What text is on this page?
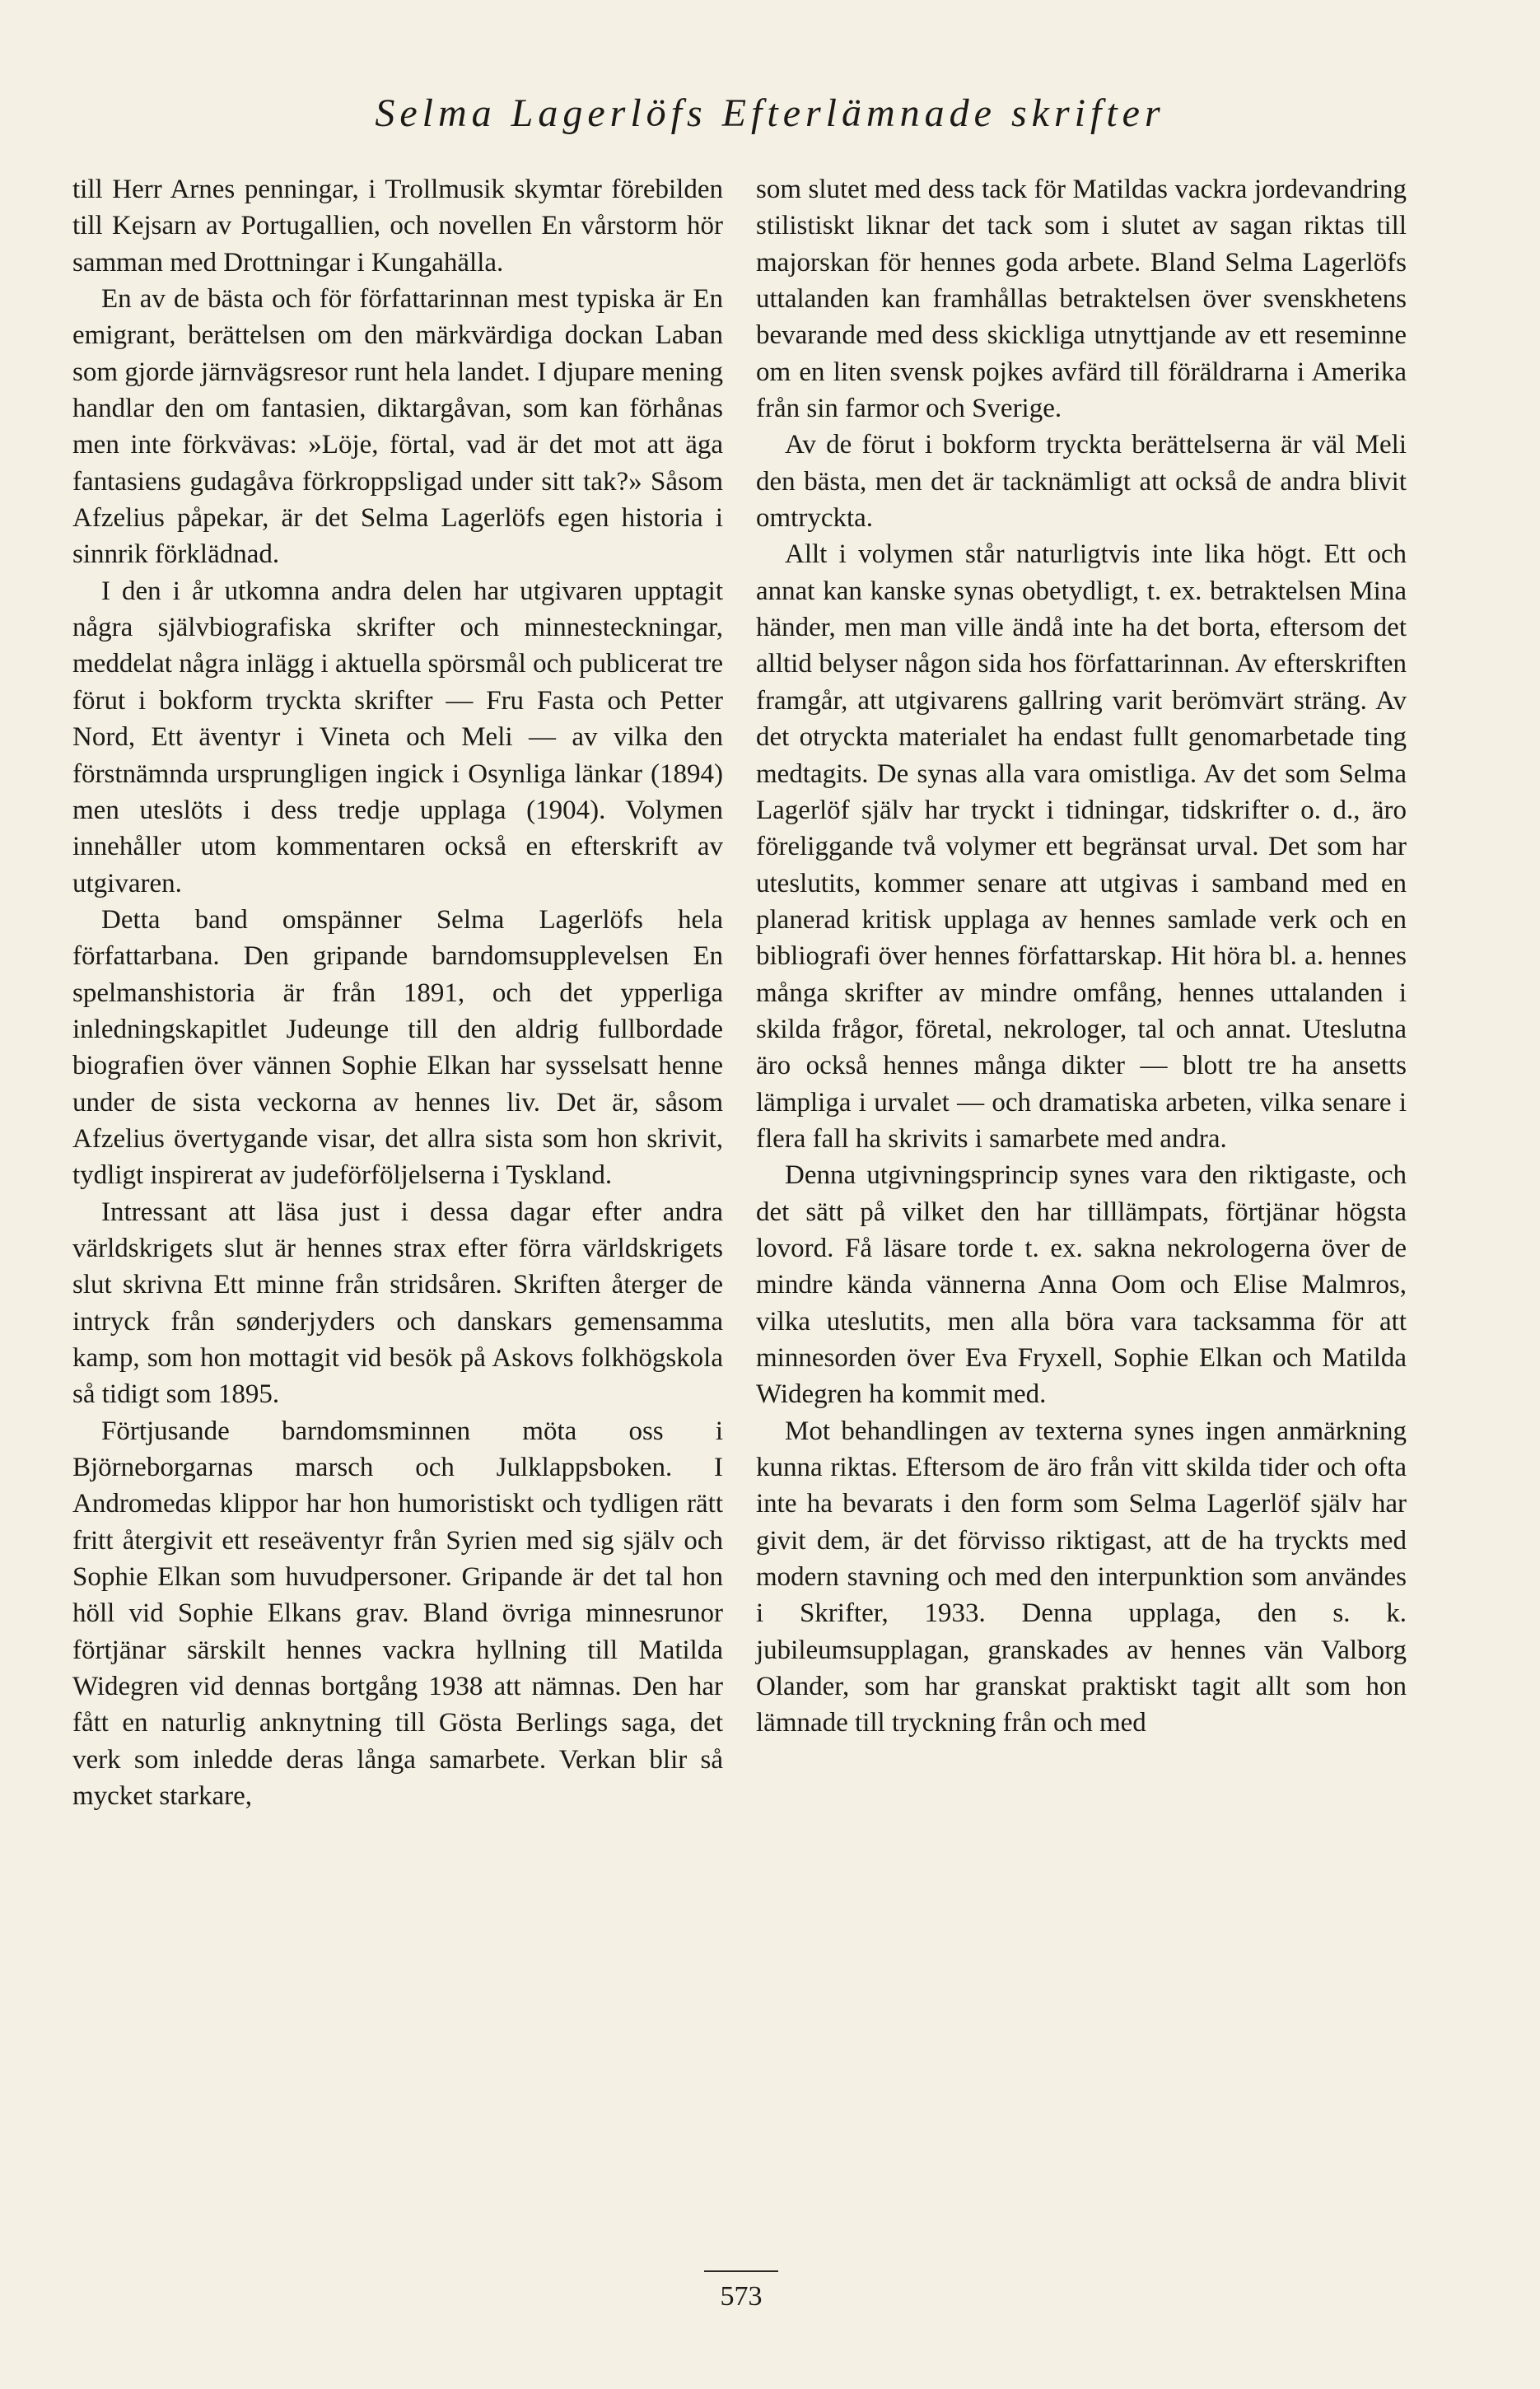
Selma Lagerlöfs Efterlämnade skrifter

till Herr Arnes penningar, i Trollmusik skymtar förebilden till Kejsarn av Portugallien, och novellen En vårstorm hör samman med Drottningar i Kungahälla.

En av de bästa och för författarinnan mest typiska är En emigrant, berättelsen om den märkvärdiga dockan Laban som gjorde järnvägsresor runt hela landet. I djupare mening handlar den om fantasien, diktargåvan, som kan förhånas men inte förkvävas: »Löje, förtal, vad är det mot att äga fantasiens gudagåva förkroppsligad under sitt tak?» Såsom Afzelius påpekar, är det Selma Lagerlöfs egen historia i sinnrik förklädnad.

I den i år utkomna andra delen har utgivaren upptagit några självbiografiska skrifter och minnesteckningar, meddelat några inlägg i aktuella spörsmål och publicerat tre förut i bokform tryckta skrifter — Fru Fasta och Petter Nord, Ett äventyr i Vineta och Meli — av vilka den förstnämnda ursprungligen ingick i Osynliga länkar (1894) men uteslöts i dess tredje upplaga (1904). Volymen innehåller utom kommentaren också en efterskrift av utgivaren.

Detta band omspänner Selma Lagerlöfs hela författarbana. Den gripande barndomsupplevelsen En spelmanshistoria är från 1891, och det ypperliga inledningskapitlet Judeunge till den aldrig fullbordade biografien över vännen Sophie Elkan har sysselsatt henne under de sista veckorna av hennes liv. Det är, såsom Afzelius övertygande visar, det allra sista som hon skrivit, tydligt inspirerat av judeförföljelserna i Tyskland.

Intressant att läsa just i dessa dagar efter andra världskrigets slut är hennes strax efter förra världskrigets slut skrivna Ett minne från stridsåren. Skriften återger de intryck från sønderjyders och danskars gemensamma kamp, som hon mottagit vid besök på Askovs folkhögskola så tidigt som 1895.

Förtjusande barndomsminnen möta oss i Björneborgarnas marsch och Julklappsboken. I Andromedas klippor har hon humoristiskt och tydligen rätt fritt återgivit ett reseäventyr från Syrien med sig själv och Sophie Elkan som huvudpersoner. Gripande är det tal hon höll vid Sophie Elkans grav. Bland övriga minnesrunor förtjänar särskilt hennes vackra hyllning till Matilda Widegren vid dennas bortgång 1938 att nämnas. Den har fått en naturlig anknytning till Gösta Berlings saga, det verk som inledde deras långa samarbete. Verkan blir så mycket starkare,

som slutet med dess tack för Matildas vackra jordevandring stilistiskt liknar det tack som i slutet av sagan riktas till majorskan för hennes goda arbete. Bland Selma Lagerlöfs uttalanden kan framhållas betraktelsen över svenskhetens bevarande med dess skickliga utnyttjande av ett reseminne om en liten svensk pojkes avfärd till föräldrarna i Amerika från sin farmor och Sverige.

Av de förut i bokform tryckta berättelserna är väl Meli den bästa, men det är tacknämligt att också de andra blivit omtryckta.

Allt i volymen står naturligtvis inte lika högt. Ett och annat kan kanske synas obetydligt, t. ex. betraktelsen Mina händer, men man ville ändå inte ha det borta, eftersom det alltid belyser någon sida hos författarinnan. Av efterskriften framgår, att utgivarens gallring varit berömvärt sträng. Av det otryckta materialet ha endast fullt genomarbetade ting medtagits. De synas alla vara omistliga. Av det som Selma Lagerlöf själv har tryckt i tidningar, tidskrifter o. d., äro föreliggande två volymer ett begränsat urval. Det som har uteslutits, kommer senare att utgivas i samband med en planerad kritisk upplaga av hennes samlade verk och en bibliografi över hennes författarskap. Hit höra bl. a. hennes många skrifter av mindre omfång, hennes uttalanden i skilda frågor, företal, nekrologer, tal och annat. Uteslutna äro också hennes många dikter — blott tre ha ansetts lämpliga i urvalet — och dramatiska arbeten, vilka senare i flera fall ha skrivits i samarbete med andra.

Denna utgivningsprincip synes vara den riktigaste, och det sätt på vilket den har tilllämpats, förtjänar högsta lovord. Få läsare torde t. ex. sakna nekrologerna över de mindre kända vännerna Anna Oom och Elise Malmros, vilka uteslutits, men alla böra vara tacksamma för att minnesorden över Eva Fryxell, Sophie Elkan och Matilda Widegren ha kommit med.

Mot behandlingen av texterna synes ingen anmärkning kunna riktas. Eftersom de äro från vitt skilda tider och ofta inte ha bevarats i den form som Selma Lagerlöf själv har givit dem, är det förvisso riktigast, att de ha tryckts med modern stavning och med den interpunktion som användes i Skrifter, 1933. Denna upplaga, den s. k. jubileumsupplagan, granskades av hennes vän Valborg Olander, som har granskat praktiskt tagit allt som hon lämnade till tryckning från och med

573
